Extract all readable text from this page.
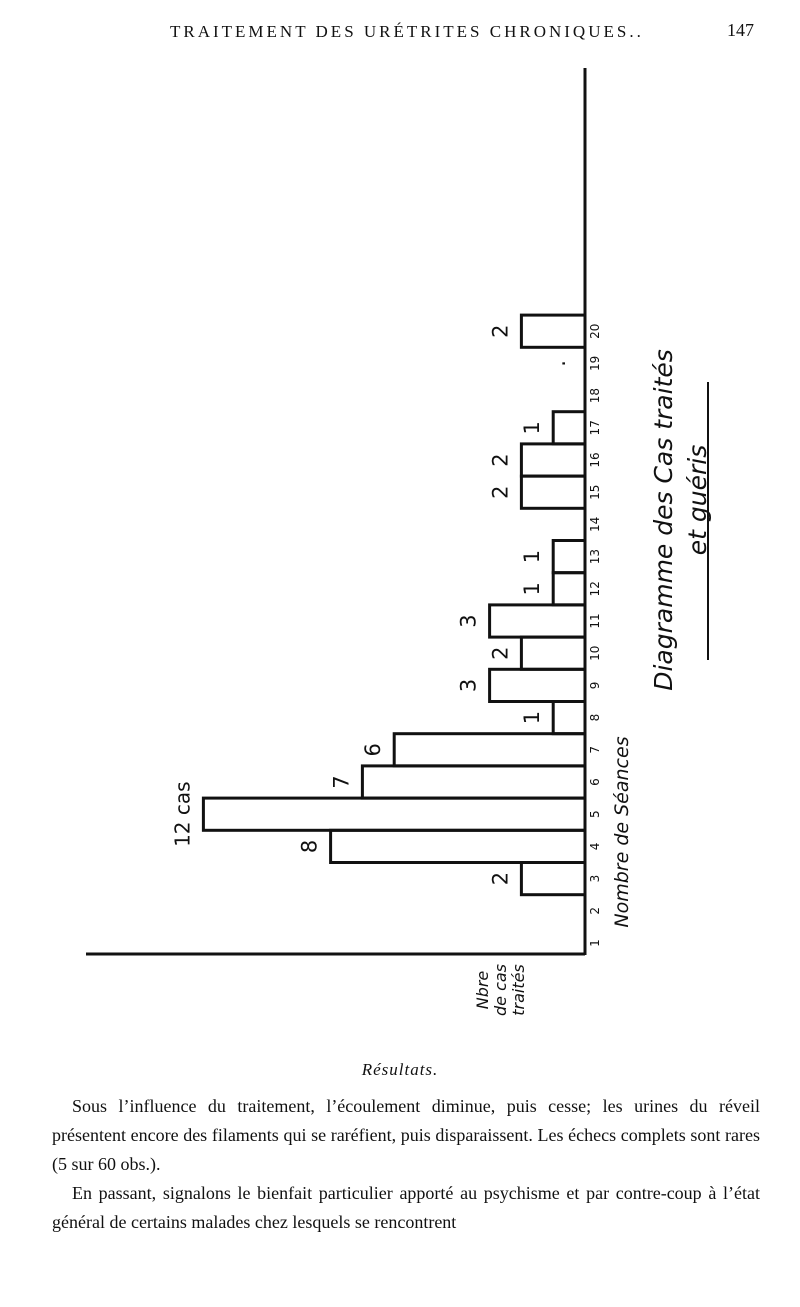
TRAITEMENT DES URÉTRITES CHRONIQUES..	147
1
2
3
4
5
6
7
8
9
10
11
12
13
14
15
16
17
18
19
20
2
8
12 cas	7
6
1
3
2
3
1
1
2
2
1
·
2
Nombre de Séances
Nbrede castraités
Diagramme des Cas traités et guéris
Résultats.

Sous l’influence du traitement, l’écoulement diminue, puis cesse; les urines du réveil présentent encore des filaments qui se raréfient, puis disparaissent. Les échecs complets sont rares (5 sur 60 obs.).

En passant, signalons le bienfait particulier apporté au psychisme et par contre-coup à l’état général de certains malades chez lesquels se rencontrent
